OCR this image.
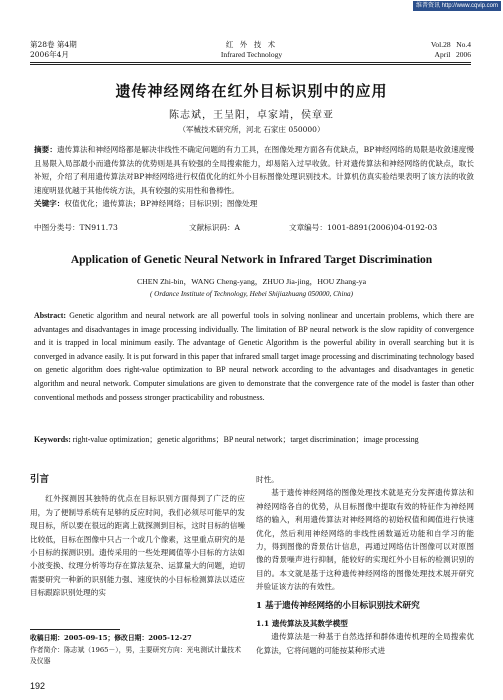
维普资讯 http://www.cqvip.com
第28卷 第4期
2006年4月
红 外 技 术
Infrared Technology
Vol.28   No.4
April   2006
遗传神经网络在红外目标识别中的应用
陈志斌，王呈阳，卓家靖，侯章亚
（军械技术研究所，河北 石家庄 050000）
摘要：遗传算法和神经网络都是解决非线性不确定问题的有力工具，在图像处理方面各有优缺点，BP神经网络的局限是收敛速度慢且易限入局部最小而遗传算法的优势则是具有较强的全局搜索能力，却易陷入过早收敛。针对遗传算法和神经网络的优缺点，取长补短，介绍了利用遗传算法对BP神经网络进行权值优化的红外小目标图像处理识别技术。计算机仿真实验结果表明了该方法的收敛速度明显优越于其他传统方法，具有较强的实用性和鲁棒性。
关键字：权值优化；遗传算法；BP神经网络；目标识别；图像处理
中图分类号：TN911.73	文献标识码：A	文章编号：1001-8891(2006)04-0192-03
Application of Genetic Neural Network in Infrared Target Discrimination
CHEN Zhi-bin，WANG Cheng-yang，ZHUO Jia-jing，HOU Zhang-ya
( Ordance Institute of Technology, Hebei Shijiazhuang 050000, China)
Abstract: Genetic algorithm and neural network are all powerful tools in solving nonlinear and uncertain problems, which there are advantages and disadvantages in image processing individually. The limitation of BP neural network is the slow rapidity of convergence and it is trapped in local minimum easily. The advantage of Genetic Algorithm is the powerful ability in overall searching but it is converged in advance easily. It is put forward in this paper that infrared small target image processing and discriminating technology based on genetic algorithm does right-value optimization to BP neural network according to the advantages and disadvantages in genetic algorithm and neural network. Computer simulations are given to demonstrate that the convergence rate of the model is faster than other conventional methods and possess stronger practicability and robustness.
Keywords: right-value optimization；genetic algorithms；BP neural network；target discrimination；image processing
引言
红外探测因其独特的优点在目标识别方面得到了广泛的应用，为了便制导系统有足够的反应时间，我们必须尽可能早的发现目标，所以要在很远的距离上就探测到目标，这时目标的信噪比较低，目标在图像中只占一个或几个像素，这里重点研究的是小目标的探测识别。遗传采用的一些处理阈值等小目标的方法如小波变换、纹理分析等均存在算法复杂、运算量大的问题，迫切需要研究一种新的识别能力强、速度快的小目标检测算法以适应目标跟踪识别处理的实
时性。
基于遗传神经网络的图像处理技术就是充分发挥遗传算法和神经网络各自的优势，从目标图像中提取有效的特征作为神经网络的输入，利用遗传算法对神经网络的初始权值和阈值进行快速优化，然后利用神经网络的非线性函数逼近功能和自学习的能力，得到图像的背景估计信息，再通过网络估计图像可以对原图像的背景噪声进行抑制，能较好的实现红外小目标的检测识别的目的。本文就是基于这种遗传神经网络的图像处理技术展开研究并验证该方法的有效性。
1 基于遗传神经网络的小目标识别技术研究
1.1 遗传算法及其数学模型
遗传算法是一种基于自然选择和群体遗传机理的全局搜索优化算法，它将问题的可能按某种形式进
收稿日期：2005-09-15；修改日期：2005-12-27
作者简介：陈志斌（1965－），男，主要研究方向：光电测试计量技术及仪器
192
